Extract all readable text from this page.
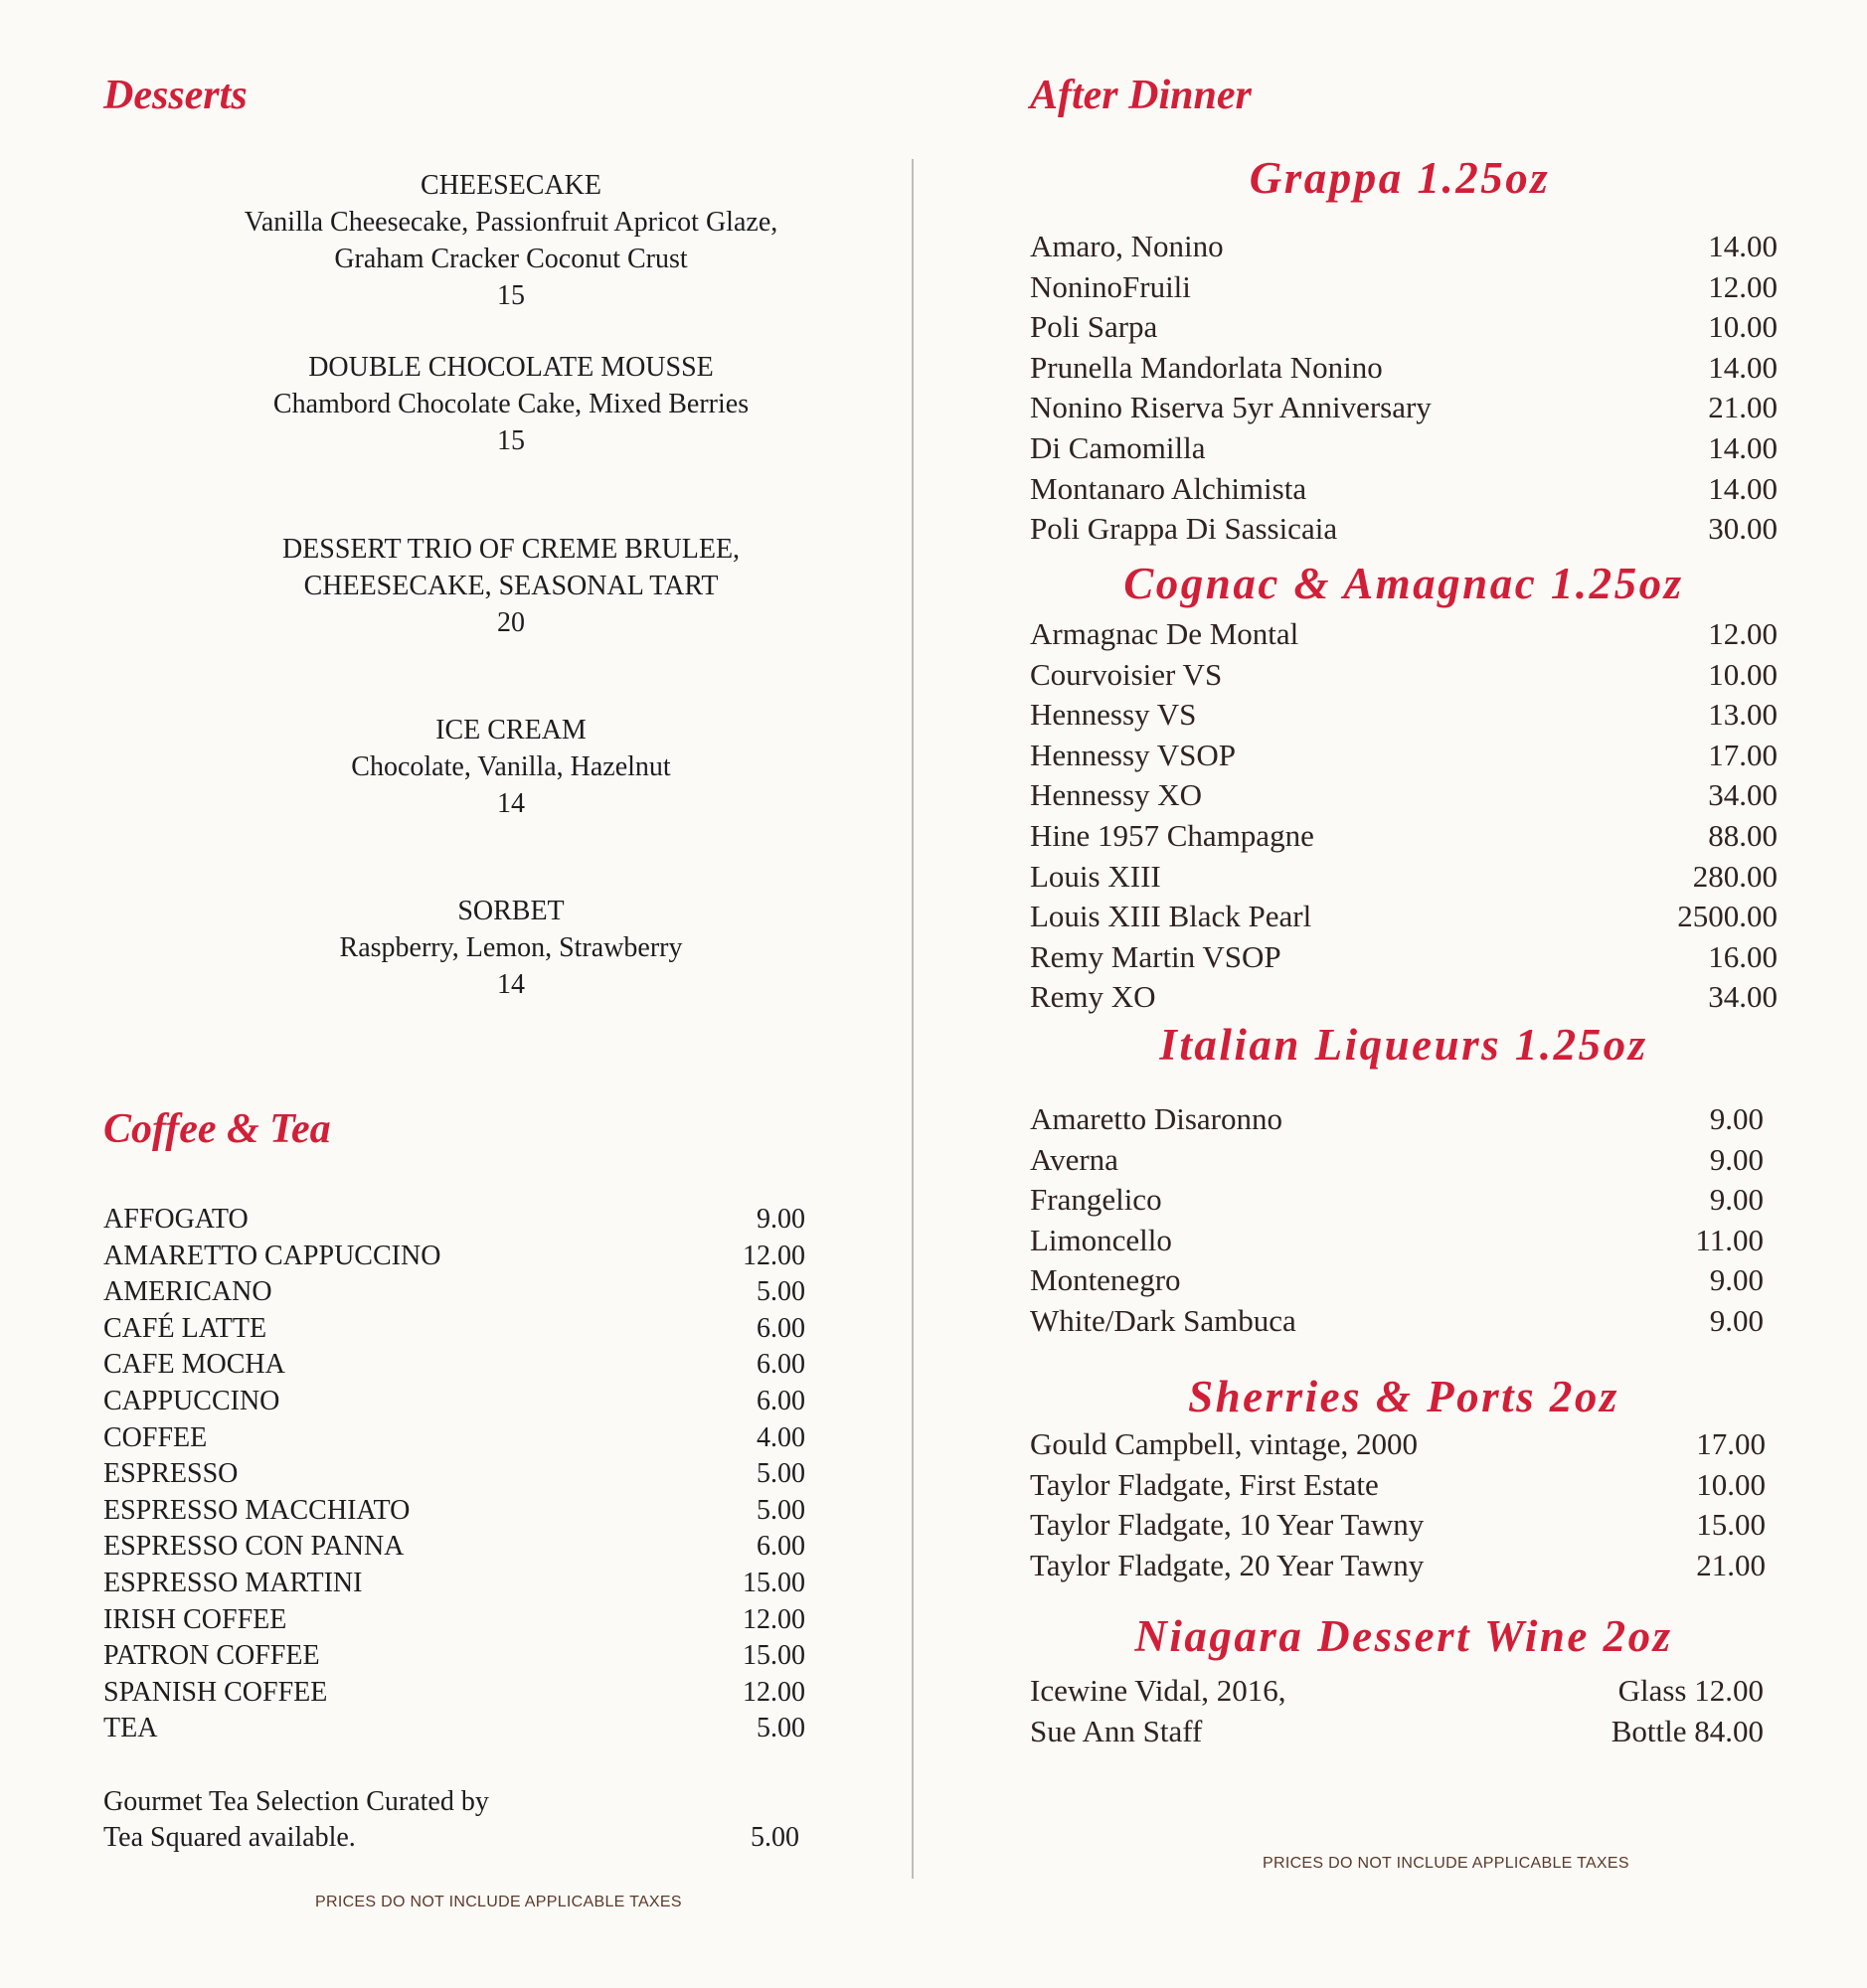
Desserts
CHEESECAKE
Vanilla Cheesecake, Passionfruit Apricot Glaze,
Graham Cracker Coconut Crust
15
DOUBLE CHOCOLATE MOUSSE
Chambord Chocolate Cake, Mixed Berries
15
DESSERT TRIO OF CREME BRULEE,
CHEESECAKE, SEASONAL TART
20
ICE CREAM
Chocolate, Vanilla, Hazelnut
14
SORBET
Raspberry, Lemon, Strawberry
14
Coffee & Tea
AFFOGATO	9.00
AMARETTO CAPPUCCINO	12.00
AMERICANO	5.00
CAFÉ LATTE	6.00
CAFE MOCHA	6.00
CAPPUCCINO	6.00
COFFEE	4.00
ESPRESSO	5.00
ESPRESSO MACCHIATO	5.00
ESPRESSO CON PANNA	6.00
ESPRESSO MARTINI	15.00
IRISH COFFEE	12.00
PATRON COFFEE	15.00
SPANISH COFFEE	12.00
TEA	5.00
Gourmet Tea Selection Curated by
Tea Squared available.	5.00
PRICES DO NOT INCLUDE APPLICABLE TAXES
After Dinner
Grappa 1.25oz
Amaro, Nonino	14.00
NoninoFruili	12.00
Poli Sarpa	10.00
Prunella Mandorlata Nonino	14.00
Nonino Riserva 5yr Anniversary	21.00
Di Camomilla	14.00
Montanaro Alchimista	14.00
Poli Grappa Di Sassicaia	30.00
Cognac & Amagnac 1.25oz
Armagnac De Montal	12.00
Courvoisier VS	10.00
Hennessy VS	13.00
Hennessy VSOP	17.00
Hennessy XO	34.00
Hine 1957 Champagne	88.00
Louis XIII	280.00
Louis XIII Black Pearl	2500.00
Remy Martin VSOP	16.00
Remy XO	34.00
Italian Liqueurs 1.25oz
Amaretto Disaronno	9.00
Averna	9.00
Frangelico	9.00
Limoncello	11.00
Montenegro	9.00
White/Dark Sambuca	9.00
Sherries & Ports 2oz
Gould Campbell, vintage, 2000	17.00
Taylor Fladgate, First Estate	10.00
Taylor Fladgate, 10 Year Tawny	15.00
Taylor Fladgate, 20 Year Tawny	21.00
Niagara Dessert Wine 2oz
Icewine Vidal, 2016,	Glass 12.00
Sue Ann Staff	Bottle 84.00
PRICES DO NOT INCLUDE APPLICABLE TAXES
